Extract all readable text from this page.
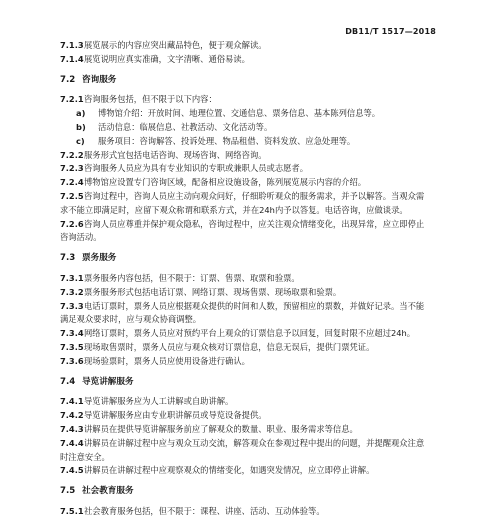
DB11/T 1517—2018
7.1.3展览展示的内容应突出藏品特色，便于观众解读。
7.1.4展览说明应真实准确，文字清晰、通俗易读。
7.2 咨询服务
7.2.1咨询服务包括，但不限于以下内容：
a) 博物馆介绍：开放时间、地理位置、交通信息、票务信息、基本陈列信息等。
b) 活动信息：临展信息、社教活动、文化活动等。
c) 服务项目：咨询解答、投诉处理、物品租借、资料发放、应急处理等。
7.2.2服务形式宜包括电话咨询、现场咨询、网络咨询。
7.2.3咨询服务人员应为具有专业知识的专职或兼职人员或志愿者。
7.2.4博物馆应设置专门咨询区域，配备相应设施设备，陈列展览展示内容的介绍。
7.2.5咨询过程中，咨询人员应主动向观众问好，仔细聆听观众的服务需求，并予以解答。当观众需
求不能立即满足时，应留下观众称谓和联系方式，并在24h内予以答复。电话咨询，应做谈录。
7.2.6咨询人员应尊重并保护观众隐私，咨询过程中，应关注观众情绪变化，出现异常，应立即停止
咨询活动。
7.3 票务服务
7.3.1票务服务内容包括，但不限于：订票、售票、取票和验票。
7.3.2票务服务形式包括电话订票、网络订票、现场售票、现场取票和验票。
7.3.3电话订票时，票务人员应根据观众提供的时间和人数，预留相应的票数，并做好记录。当不能
满足观众要求时，应与观众协商调整。
7.3.4网络订票时，票务人员应对预约平台上观众的订票信息予以回复，回复时限不应超过24h。
7.3.5现场取售票时，票务人员应与观众核对订票信息，信息无误后，提供门票凭证。
7.3.6现场验票时，票务人员应使用设备进行确认。
7.4 导览讲解服务
7.4.1导览讲解服务应为人工讲解或自助讲解。
7.4.2导览讲解服务应由专业职讲解员或导览设备提供。
7.4.3讲解员在提供导览讲解服务前应了解观众的数量、职业、服务需求等信息。
7.4.4讲解员在讲解过程中应与观众互动交流，解答观众在参观过程中提出的问题，并提醒观众注意
时注意安全。
7.4.5讲解员在讲解过程中应观察观众的情绪变化，如遇突发情况，应立即停止讲解。
7.5 社会教育服务
7.5.1社会教育服务包括，但不限于：课程、讲座、活动、互动体验等。
